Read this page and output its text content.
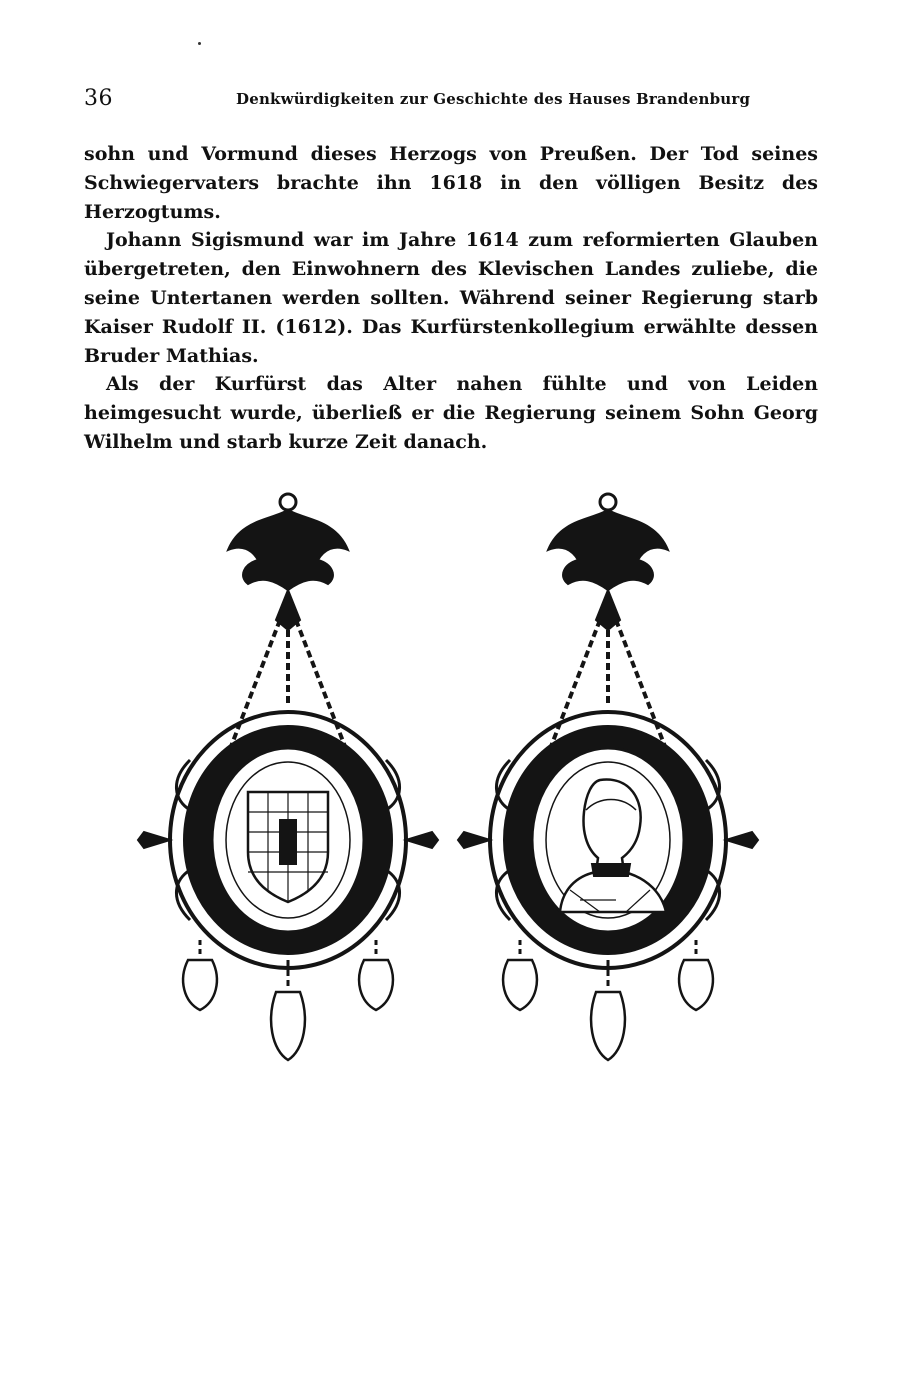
36	Denkwürdigkeiten zur Geschichte des Hauses Brandenburg

sohn und Vormund dieses Herzogs von Preußen. Der Tod seines Schwiegervaters brachte ihn 1618 in den völligen Besitz des Herzogtums.

Johann Sigismund war im Jahre 1614 zum reformierten Glauben übergetreten, den Einwohnern des Klevischen Landes zuliebe, die seine Untertanen werden sollten. Während seiner Regierung starb Kaiser Rudolf II. (1612). Das Kurfürstenkollegium erwählte dessen Bruder Mathias.

Als der Kurfürst das Alter nahen fühlte und von Leiden heimgesucht wurde, überließ er die Regierung seinem Sohn Georg Wilhelm und starb kurze Zeit danach.
